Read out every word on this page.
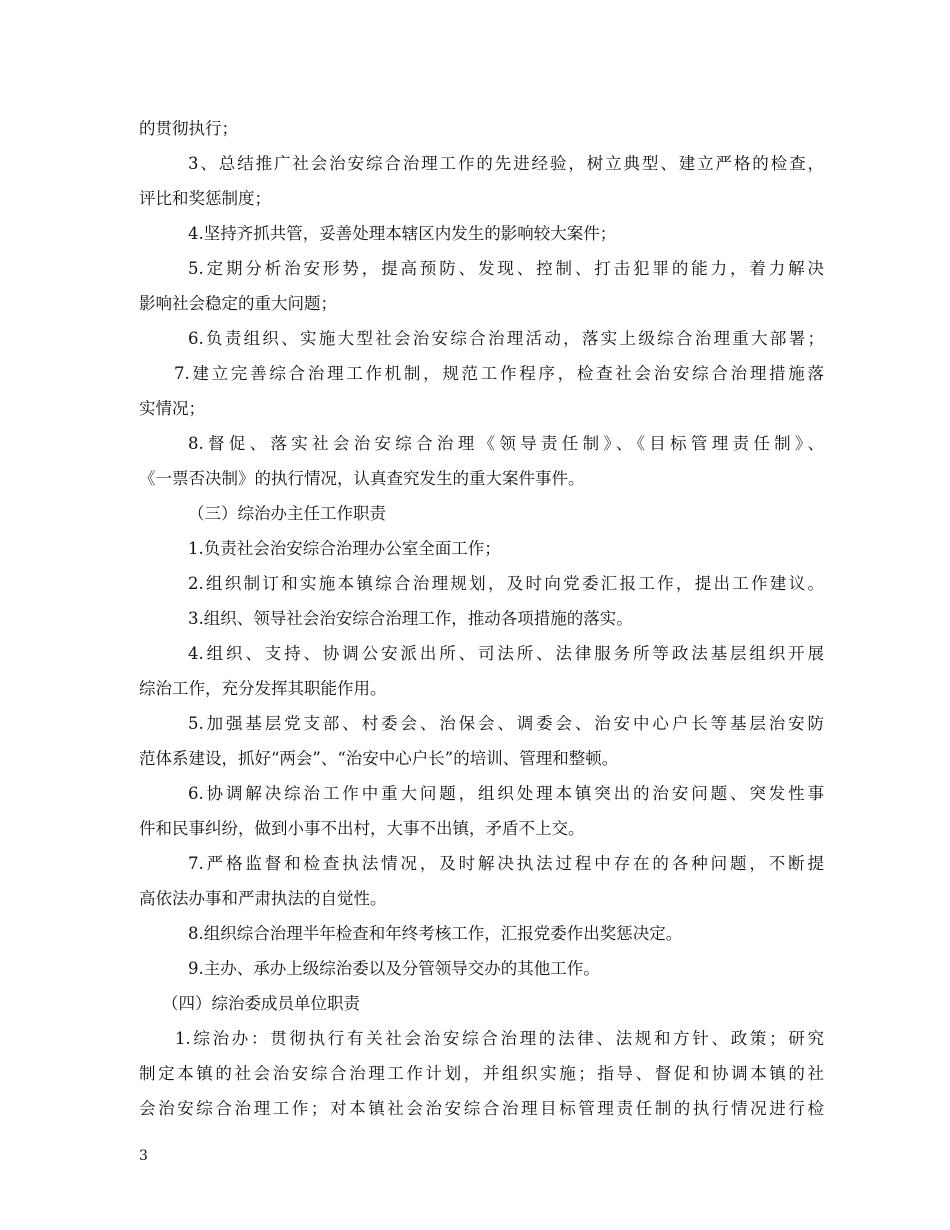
的贯彻执行；
3、总结推广社会治安综合治理工作的先进经验，树立典型、建立严格的检查，
评比和奖惩制度；
4.坚持齐抓共管，妥善处理本辖区内发生的影响较大案件；
5.定期分析治安形势，提高预防、发现、控制、打击犯罪的能力，着力解决
影响社会稳定的重大问题；
6.负责组织、实施大型社会治安综合治理活动，落实上级综合治理重大部署；
7.建立完善综合治理工作机制，规范工作程序，检查社会治安综合治理措施落
实情况；
8.督促、落实社会治安综合治理《领导责任制》、《目标管理责任制》、
《一票否决制》的执行情况，认真查究发生的重大案件事件。
（三）综治办主任工作职责
1.负责社会治安综合治理办公室全面工作；
2.组织制订和实施本镇综合治理规划，及时向党委汇报工作，提出工作建议。
3.组织、领导社会治安综合治理工作，推动各项措施的落实。
4.组织、支持、协调公安派出所、司法所、法律服务所等政法基层组织开展
综治工作，充分发挥其职能作用。
5.加强基层党支部、村委会、治保会、调委会、治安中心户长等基层治安防
范体系建设，抓好“两会”、“治安中心户长”的培训、管理和整顿。
6.协调解决综治工作中重大问题，组织处理本镇突出的治安问题、突发性事
件和民事纠纷，做到小事不出村，大事不出镇，矛盾不上交。
7.严格监督和检查执法情况，及时解决执法过程中存在的各种问题，不断提
高依法办事和严肃执法的自觉性。
8.组织综合治理半年检查和年终考核工作，汇报党委作出奖惩决定。
9.主办、承办上级综治委以及分管领导交办的其他工作。
（四）综治委成员单位职责
1.综治办：贯彻执行有关社会治安综合治理的法律、法规和方针、政策；研究
制定本镇的社会治安综合治理工作计划，并组织实施；指导、督促和协调本镇的社
会治安综合治理工作；对本镇社会治安综合治理目标管理责任制的执行情况进行检
3
